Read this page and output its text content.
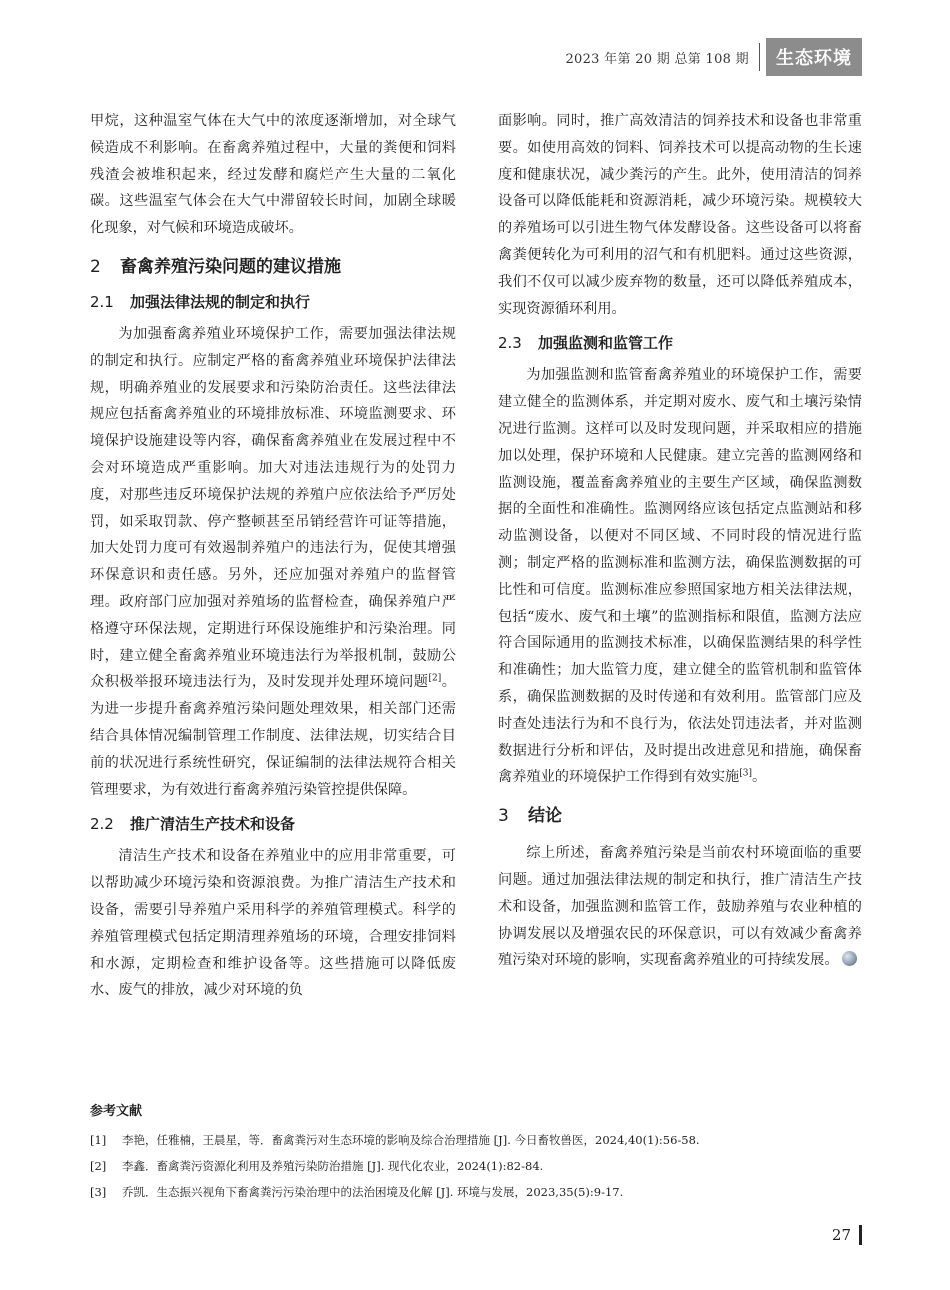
2023 年第 20 期 总第 108 期	生态环境

甲烷，这种温室气体在大气中的浓度逐渐增加，对全球气候造成不利影响。在畜禽养殖过程中，大量的粪便和饲料残渣会被堆积起来，经过发酵和腐烂产生大量的二氧化碳。这些温室气体会在大气中滞留较长时间，加剧全球暖化现象，对气候和环境造成破坏。

2 畜禽养殖污染问题的建议措施
2.1 加强法律法规的制定和执行

为加强畜禽养殖业环境保护工作，需要加强法律法规的制定和执行。应制定严格的畜禽养殖业环境保护法律法规，明确养殖业的发展要求和污染防治责任。这些法律法规应包括畜禽养殖业的环境排放标准、环境监测要求、环境保护设施建设等内容，确保畜禽养殖业在发展过程中不会对环境造成严重影响。加大对违法违规行为的处罚力度，对那些违反环境保护法规的养殖户应依法给予严厉处罚，如采取罚款、停产整顿甚至吊销经营许可证等措施，加大处罚力度可有效遏制养殖户的违法行为，促使其增强环保意识和责任感。另外，还应加强对养殖户的监督管理。政府部门应加强对养殖场的监督检查，确保养殖户严格遵守环保法规，定期进行环保设施维护和污染治理。同时，建立健全畜禽养殖业环境违法行为举报机制，鼓励公众积极举报环境违法行为，及时发现并处理环境问题[2]。为进一步提升畜禽养殖污染问题处理效果，相关部门还需结合具体情况编制管理工作制度、法律法规，切实结合目前的状况进行系统性研究，保证编制的法律法规符合相关管理要求，为有效进行畜禽养殖污染管控提供保障。

2.2 推广清洁生产技术和设备

清洁生产技术和设备在养殖业中的应用非常重要，可以帮助减少环境污染和资源浪费。为推广清洁生产技术和设备，需要引导养殖户采用科学的养殖管理模式。科学的养殖管理模式包括定期清理养殖场的环境，合理安排饲料和水源，定期检查和维护设备等。这些措施可以降低废水、废气的排放，减少对环境的负

面影响。同时，推广高效清洁的饲养技术和设备也非常重要。如使用高效的饲料、饲养技术可以提高动物的生长速度和健康状况，减少粪污的产生。此外，使用清洁的饲养设备可以降低能耗和资源消耗，减少环境污染。规模较大的养殖场可以引进生物气体发酵设备。这些设备可以将畜禽粪便转化为可利用的沼气和有机肥料。通过这些资源，我们不仅可以减少废弃物的数量，还可以降低养殖成本，实现资源循环利用。

2.3 加强监测和监管工作

为加强监测和监管畜禽养殖业的环境保护工作，需要建立健全的监测体系，并定期对废水、废气和土壤污染情况进行监测。这样可以及时发现问题，并采取相应的措施加以处理，保护环境和人民健康。建立完善的监测网络和监测设施，覆盖畜禽养殖业的主要生产区域，确保监测数据的全面性和准确性。监测网络应该包括定点监测站和移动监测设备，以便对不同区域、不同时段的情况进行监测；制定严格的监测标准和监测方法，确保监测数据的可比性和可信度。监测标准应参照国家地方相关法律法规，包括“废水、废气和土壤”的监测指标和限值，监测方法应符合国际通用的监测技术标准，以确保监测结果的科学性和准确性；加大监管力度，建立健全的监管机制和监管体系，确保监测数据的及时传递和有效利用。监管部门应及时查处违法行为和不良行为，依法处罚违法者，并对监测数据进行分析和评估，及时提出改进意见和措施，确保畜禽养殖业的环境保护工作得到有效实施[3]。

3 结论

综上所述，畜禽养殖污染是当前农村环境面临的重要问题。通过加强法律法规的制定和执行，推广清洁生产技术和设备，加强监测和监管工作，鼓励养殖与农业种植的协调发展以及增强农民的环保意识，可以有效减少畜禽养殖污染对环境的影响，实现畜禽养殖业的可持续发展。

参考文献
[1]	李艳，任雅楠，王晨星，等．畜禽粪污对生态环境的影响及综合治理措施 [J]. 今日畜牧兽医，2024,40(1):56-58.
[2]	李鑫．畜禽粪污资源化利用及养殖污染防治措施 [J]. 现代化农业，2024(1):82-84.
[3]	乔凯．生态振兴视角下畜禽粪污污染治理中的法治困境及化解 [J]. 环境与发展，2023,35(5):9-17.
27
